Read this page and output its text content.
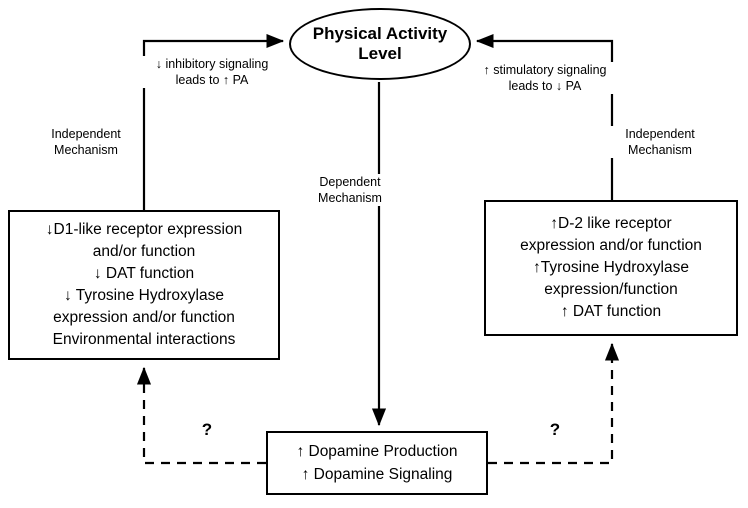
Physical Activity
Level
↓D1-like receptor expression
and/or function
↓ DAT function
↓ Tyrosine Hydroxylase
expression and/or function
Environmental interactions
↑D-2 like receptor
expression and/or function
↑Tyrosine Hydroxylase
expression/function
↑ DAT function
↑ Dopamine Production
↑ Dopamine Signaling
↓ inhibitory signaling leads to ↑ PA
↑ stimulatory signaling leads to ↓ PA
Independent Mechanism
Independent Mechanism
Dependent Mechanism
?	?
